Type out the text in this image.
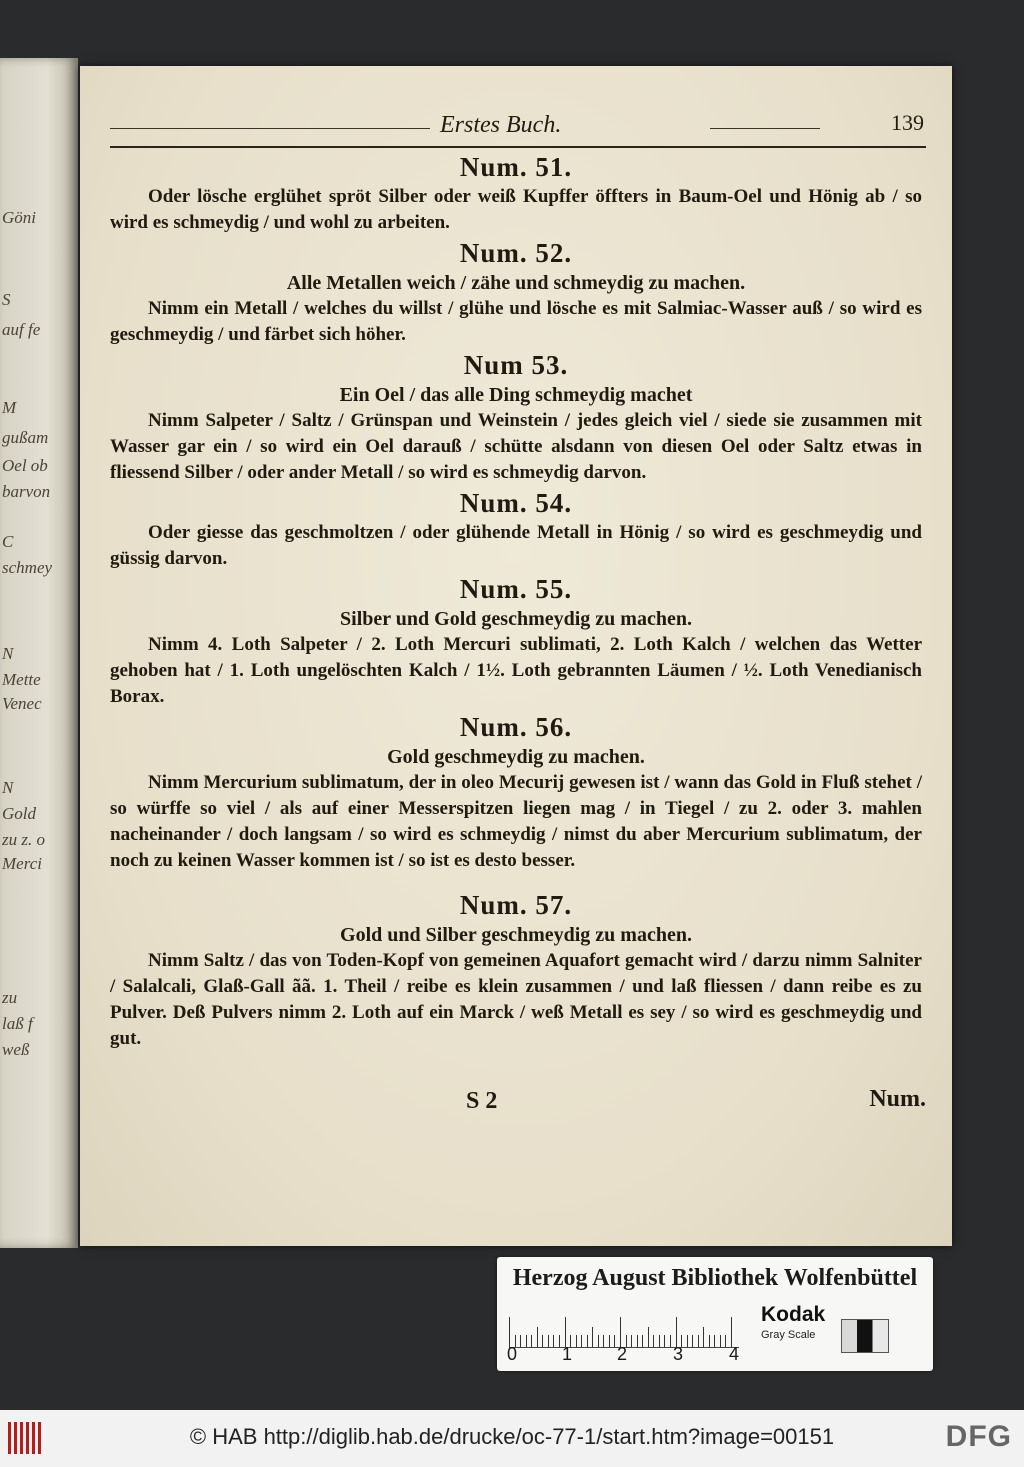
Göni
S
auf fe
M
gußam
Oel ob
barvon
C
schmey
N
Mette
Venec
N
Gold
zu z. o
Merci
zu
laß f
weß
Erstes Buch.	139

Num. 51.

Oder lösche erglühet spröt Silber oder weiß Kupffer öffters in Baum-Oel und Hönig ab / so wird es schmeydig / und wohl zu arbeiten.

Num. 52.

Alle Metallen weich / zähe und schmeydig zu machen.

Nimm ein Metall / welches du willst / glühe und lösche es mit Salmiac-Wasser auß / so wird es geschmeydig / und färbet sich höher.

Num 53.

Ein Oel / das alle Ding schmeydig machet

Nimm Salpeter / Saltz / Grünspan und Weinstein / jedes gleich viel / siede sie zusammen mit Wasser gar ein / so wird ein Oel darauß / schütte alsdann von diesen Oel oder Saltz etwas in fliessend Silber / oder ander Metall / so wird es schmeydig darvon.

Num. 54.

Oder giesse das geschmoltzen / oder glühende Metall in Hönig / so wird es geschmeydig und güssig darvon.

Num. 55.

Silber und Gold geschmeydig zu machen.

Nimm 4. Loth Salpeter / 2. Loth Mercuri sublimati, 2. Loth Kalch / welchen das Wetter gehoben hat / 1. Loth ungelöschten Kalch / 1½. Loth gebrannten Läumen / ½. Loth Venedianisch Borax.

Num. 56.

Gold geschmeydig zu machen.

Nimm Mercurium sublimatum, der in oleo Mecurij gewesen ist / wann das Gold in Fluß stehet / so würffe so viel / als auf einer Messerspitzen liegen mag / in Tiegel / zu 2. oder 3. mahlen nacheinander / doch langsam / so wird es schmeydig / nimst du aber Mercurium sublimatum, der noch zu keinen Wasser kommen ist / so ist es desto besser.

Num. 57.

Gold und Silber geschmeydig zu machen.

Nimm Saltz / das von Toden-Kopf von gemeinen Aquafort gemacht wird / darzu nimm Salniter / Salalcali, Glaß-Gall ãã. 1. Theil / reibe es klein zusammen / und laß fliessen / dann reibe es zu Pulver. Deß Pulvers nimm 2. Loth auf ein Marck / weß Metall es sey / so wird es geschmeydig und gut.

S 2	Num.
Herzog August Bibliothek Wolfenbüttel
0 1 2	3	4
Kodak
Gray Scale
© HAB http://diglib.hab.de/drucke/oc-77-1/start.htm?image=00151	DFG
